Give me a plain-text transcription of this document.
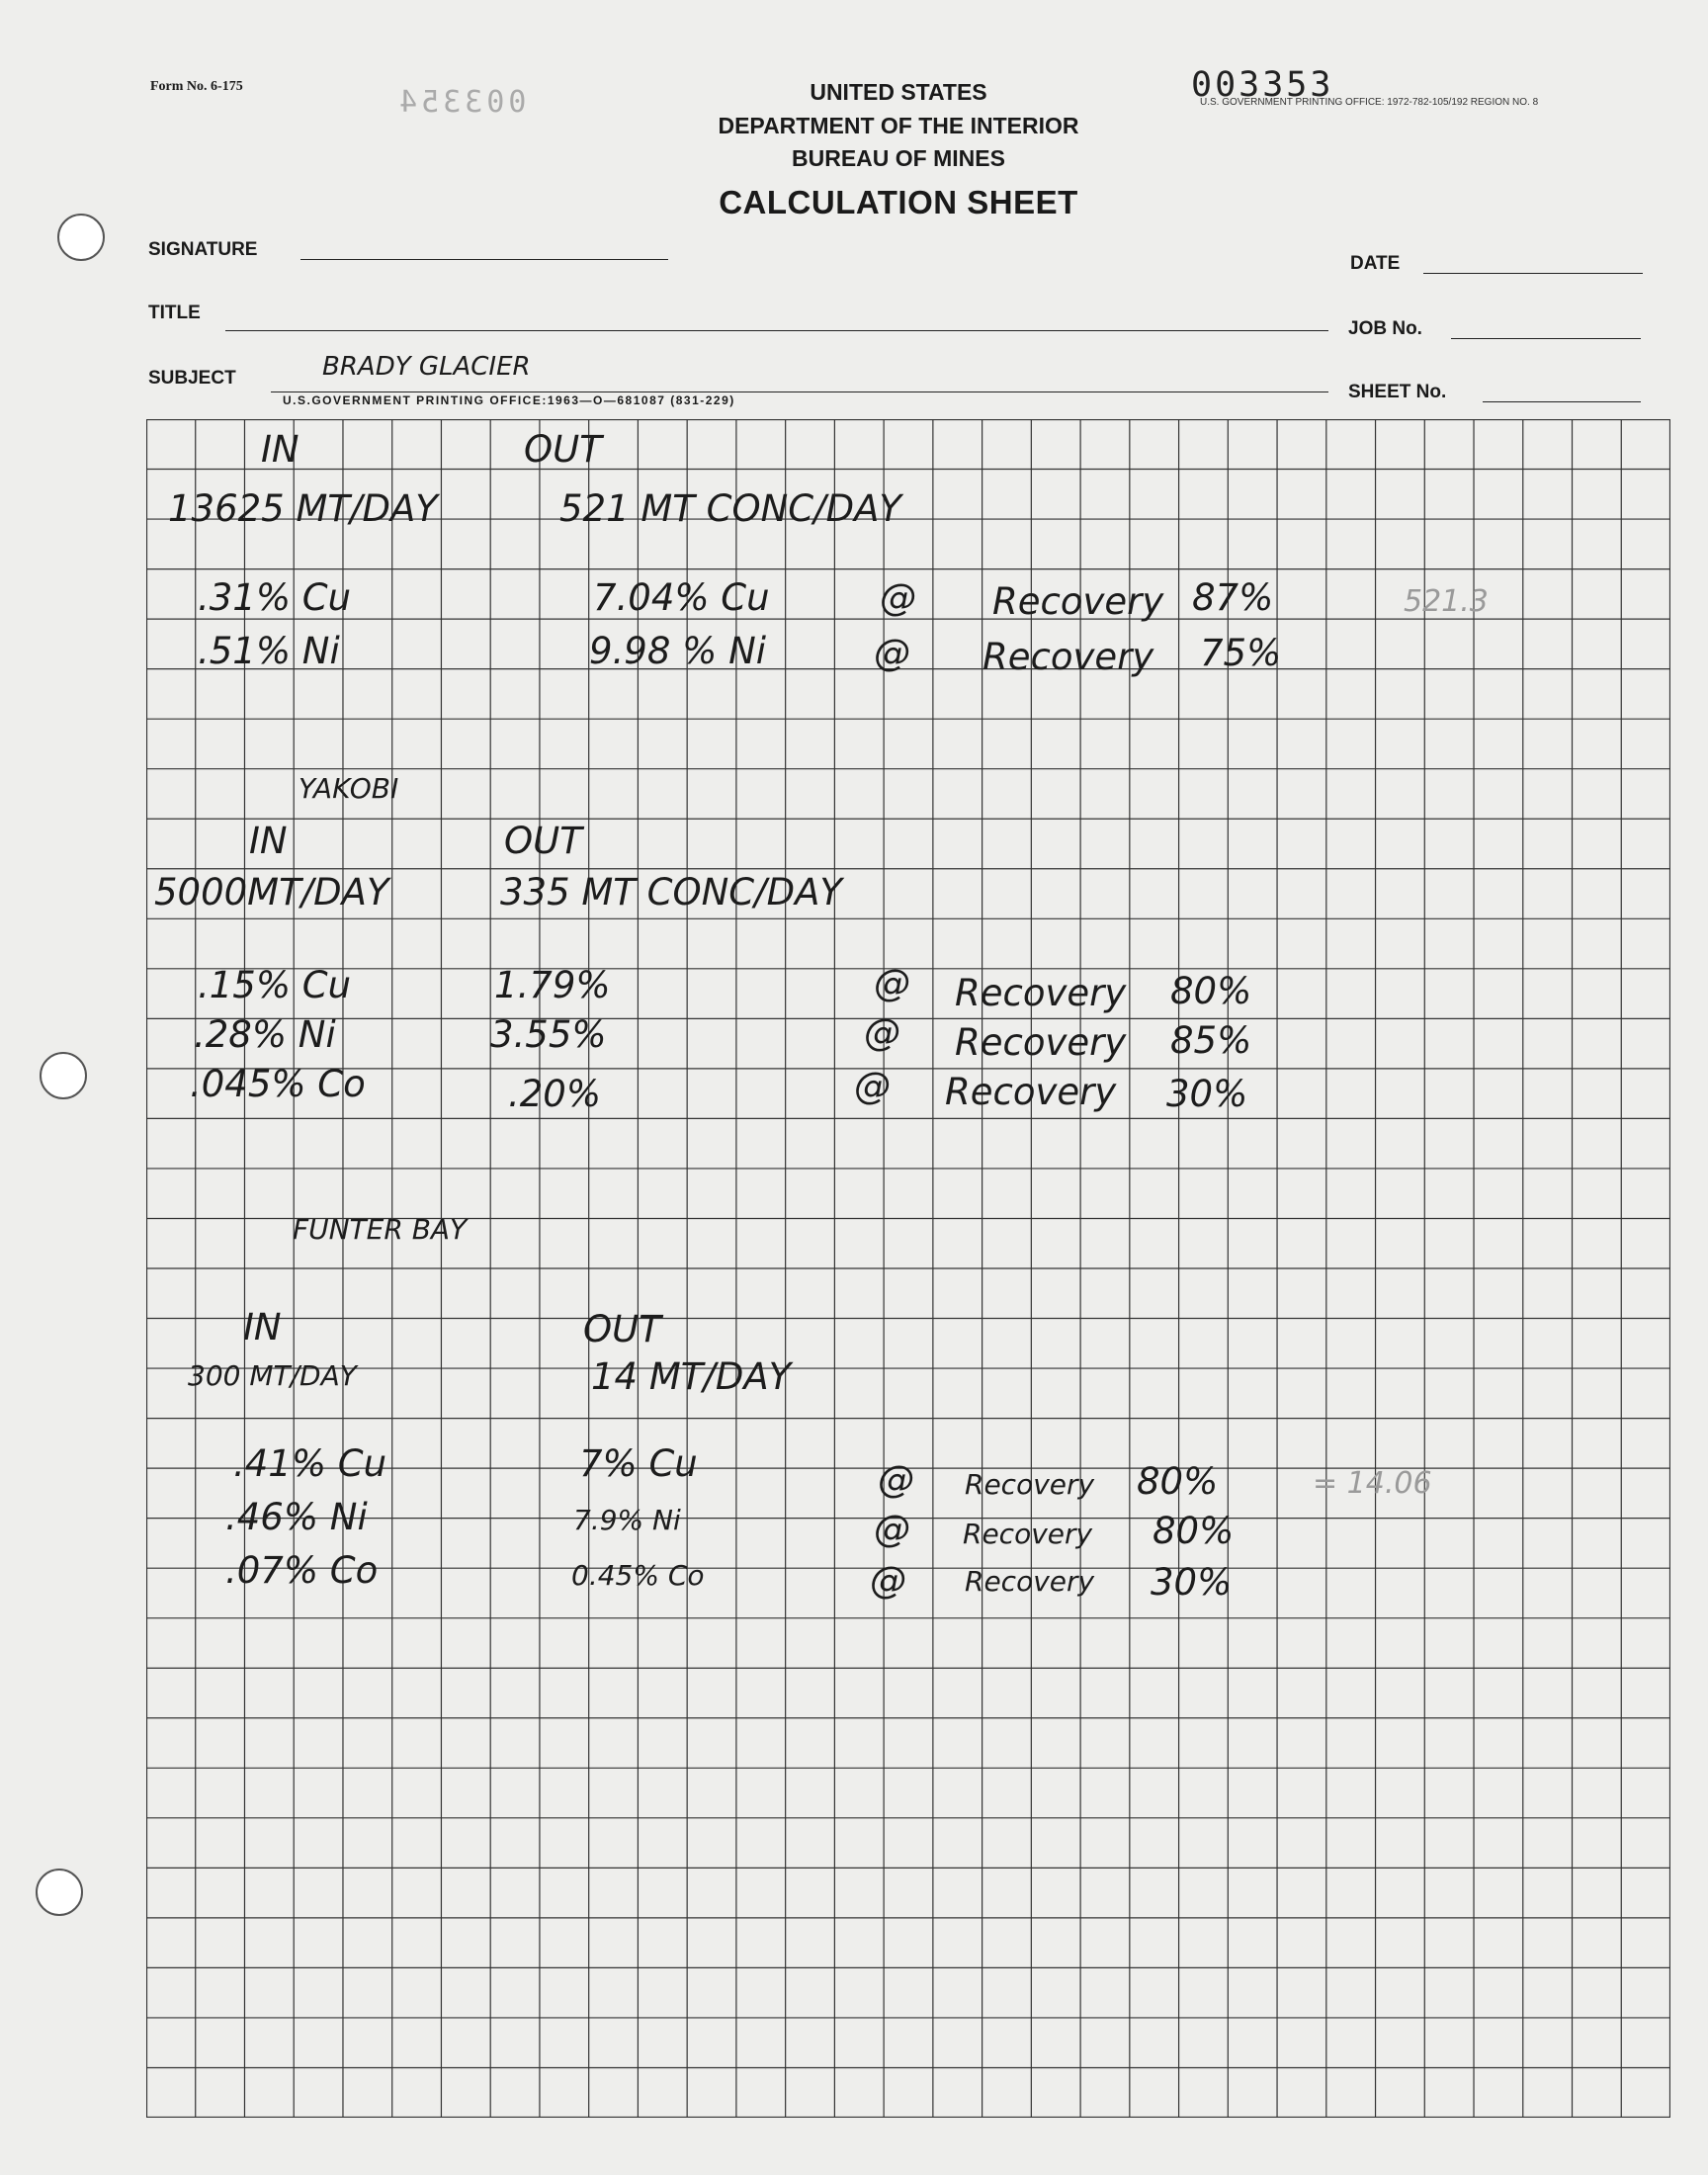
Form No. 6-175	003353
003354	U.S. GOVERNMENT PRINTING OFFICE: 1972-782-105/192 REGION NO. 8
UNITED STATES
DEPARTMENT OF THE INTERIOR
BUREAU OF MINES
CALCULATION SHEET
SIGNATURE
DATE
TITLE
JOB No.
SUBJECT	BRADY GLACIER
SHEET No.
U.S.GOVERNMENT PRINTING OFFICE:1963—O—681087 (831-229)
IN	OUT
13625 MT/DAY	521 MT CONC/DAY
.31% Cu	7.04% Cu	@ Recovery 87%	521.3
.51% Ni	9.98 % Ni	@ Recovery 75%
YAKOBI
IN	OUT
5000MT/DAY	335 MT CONC/DAY
.15% Cu	1.79%	@ Recovery 80%
.28% Ni	3.55%	@ Recovery 85%
.045% Co	.20%	@ Recovery 30%
FUNTER BAY
IN	OUT
300 MT/DAY	14 MT/DAY
.41% Cu	7% Cu	@ Recovery 80%	= 14.06
.46% Ni	7.9% Ni	@ Recovery 80%
.07% Co	0.45% Co	@ Recovery 30%
